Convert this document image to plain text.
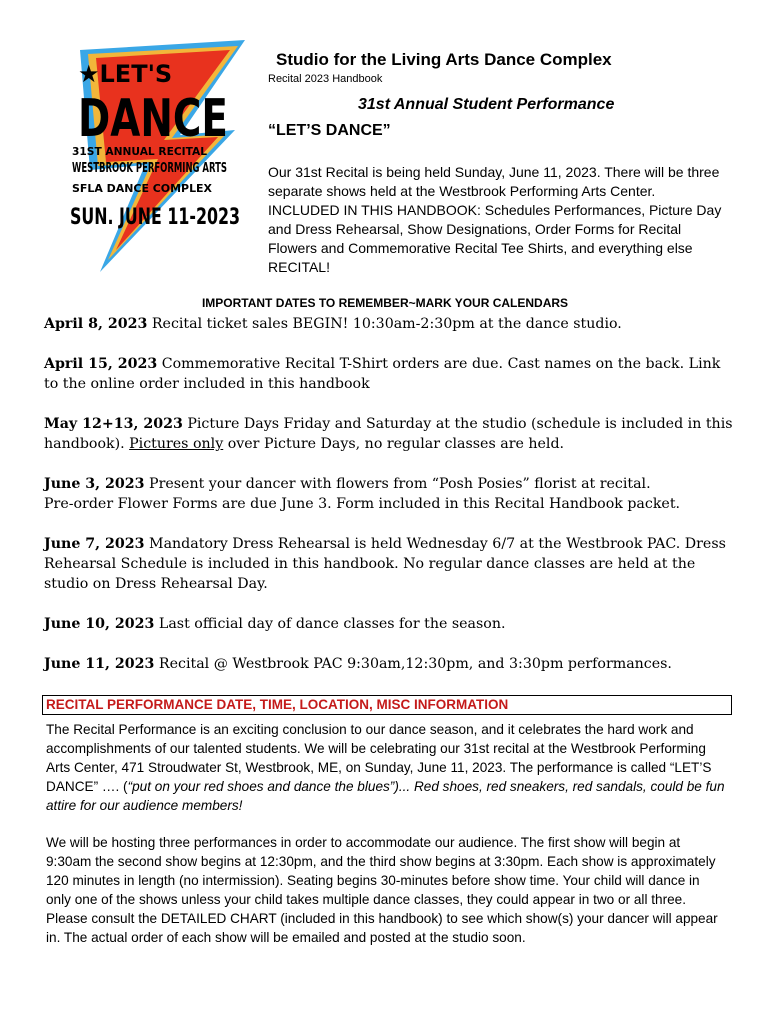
★LET'S
DANCE
31ST ANNUAL RECITAL
WESTBROOK PERFORMING ARTS
SFLA DANCE COMPLEX
SUN. JUNE 11-2023
Studio for the Living Arts Dance Complex
Recital 2023 Handbook
31st Annual Student Performance
“LET’S DANCE”
Our 31st Recital is being held Sunday, June 11, 2023. There will be three separate shows held at the Westbrook Performing Arts Center. INCLUDED IN THIS HANDBOOK: Schedules Performances, Picture Day and Dress Rehearsal, Show Designations, Order Forms for Recital Flowers and Commemorative Recital Tee Shirts, and everything else RECITAL!
IMPORTANT DATES TO REMEMBER~MARK YOUR CALENDARS
April 8, 2023 Recital ticket sales BEGIN! 10:30am-2:30pm at the dance studio.
April 15, 2023 Commemorative Recital T-Shirt orders are due. Cast names on the back. Link to the online order included in this handbook
May 12+13, 2023 Picture Days Friday and Saturday at the studio (schedule is included in this handbook). Pictures only over Picture Days, no regular classes are held.
June 3, 2023 Present your dancer with flowers from “Posh Posies” florist at recital.
Pre-order Flower Forms are due June 3. Form included in this Recital Handbook packet.
June 7, 2023 Mandatory Dress Rehearsal is held Wednesday 6/7 at the Westbrook PAC. Dress Rehearsal Schedule is included in this handbook. No regular dance classes are held at the studio on Dress Rehearsal Day.
June 10, 2023 Last official day of dance classes for the season.
June 11, 2023 Recital @ Westbrook PAC 9:30am,12:30pm, and 3:30pm performances.
RECITAL PERFORMANCE DATE, TIME, LOCATION, MISC INFORMATION
The Recital Performance is an exciting conclusion to our dance season, and it celebrates the hard work and accomplishments of our talented students. We will be celebrating our 31st recital at the Westbrook Performing Arts Center, 471 Stroudwater St, Westbrook, ME, on Sunday, June 11, 2023. The performance is called “LET’S DANCE” …. (“put on your red shoes and dance the blues”)... Red shoes, red sneakers, red sandals, could be fun attire for our audience members!
We will be hosting three performances in order to accommodate our audience. The first show will begin at 9:30am the second show begins at 12:30pm, and the third show begins at 3:30pm. Each show is approximately 120 minutes in length (no intermission). Seating begins 30-minutes before show time. Your child will dance in only one of the shows unless your child takes multiple dance classes, they could appear in two or all three. Please consult the DETAILED CHART (included in this handbook) to see which show(s) your dancer will appear in. The actual order of each show will be emailed and posted at the studio soon.
